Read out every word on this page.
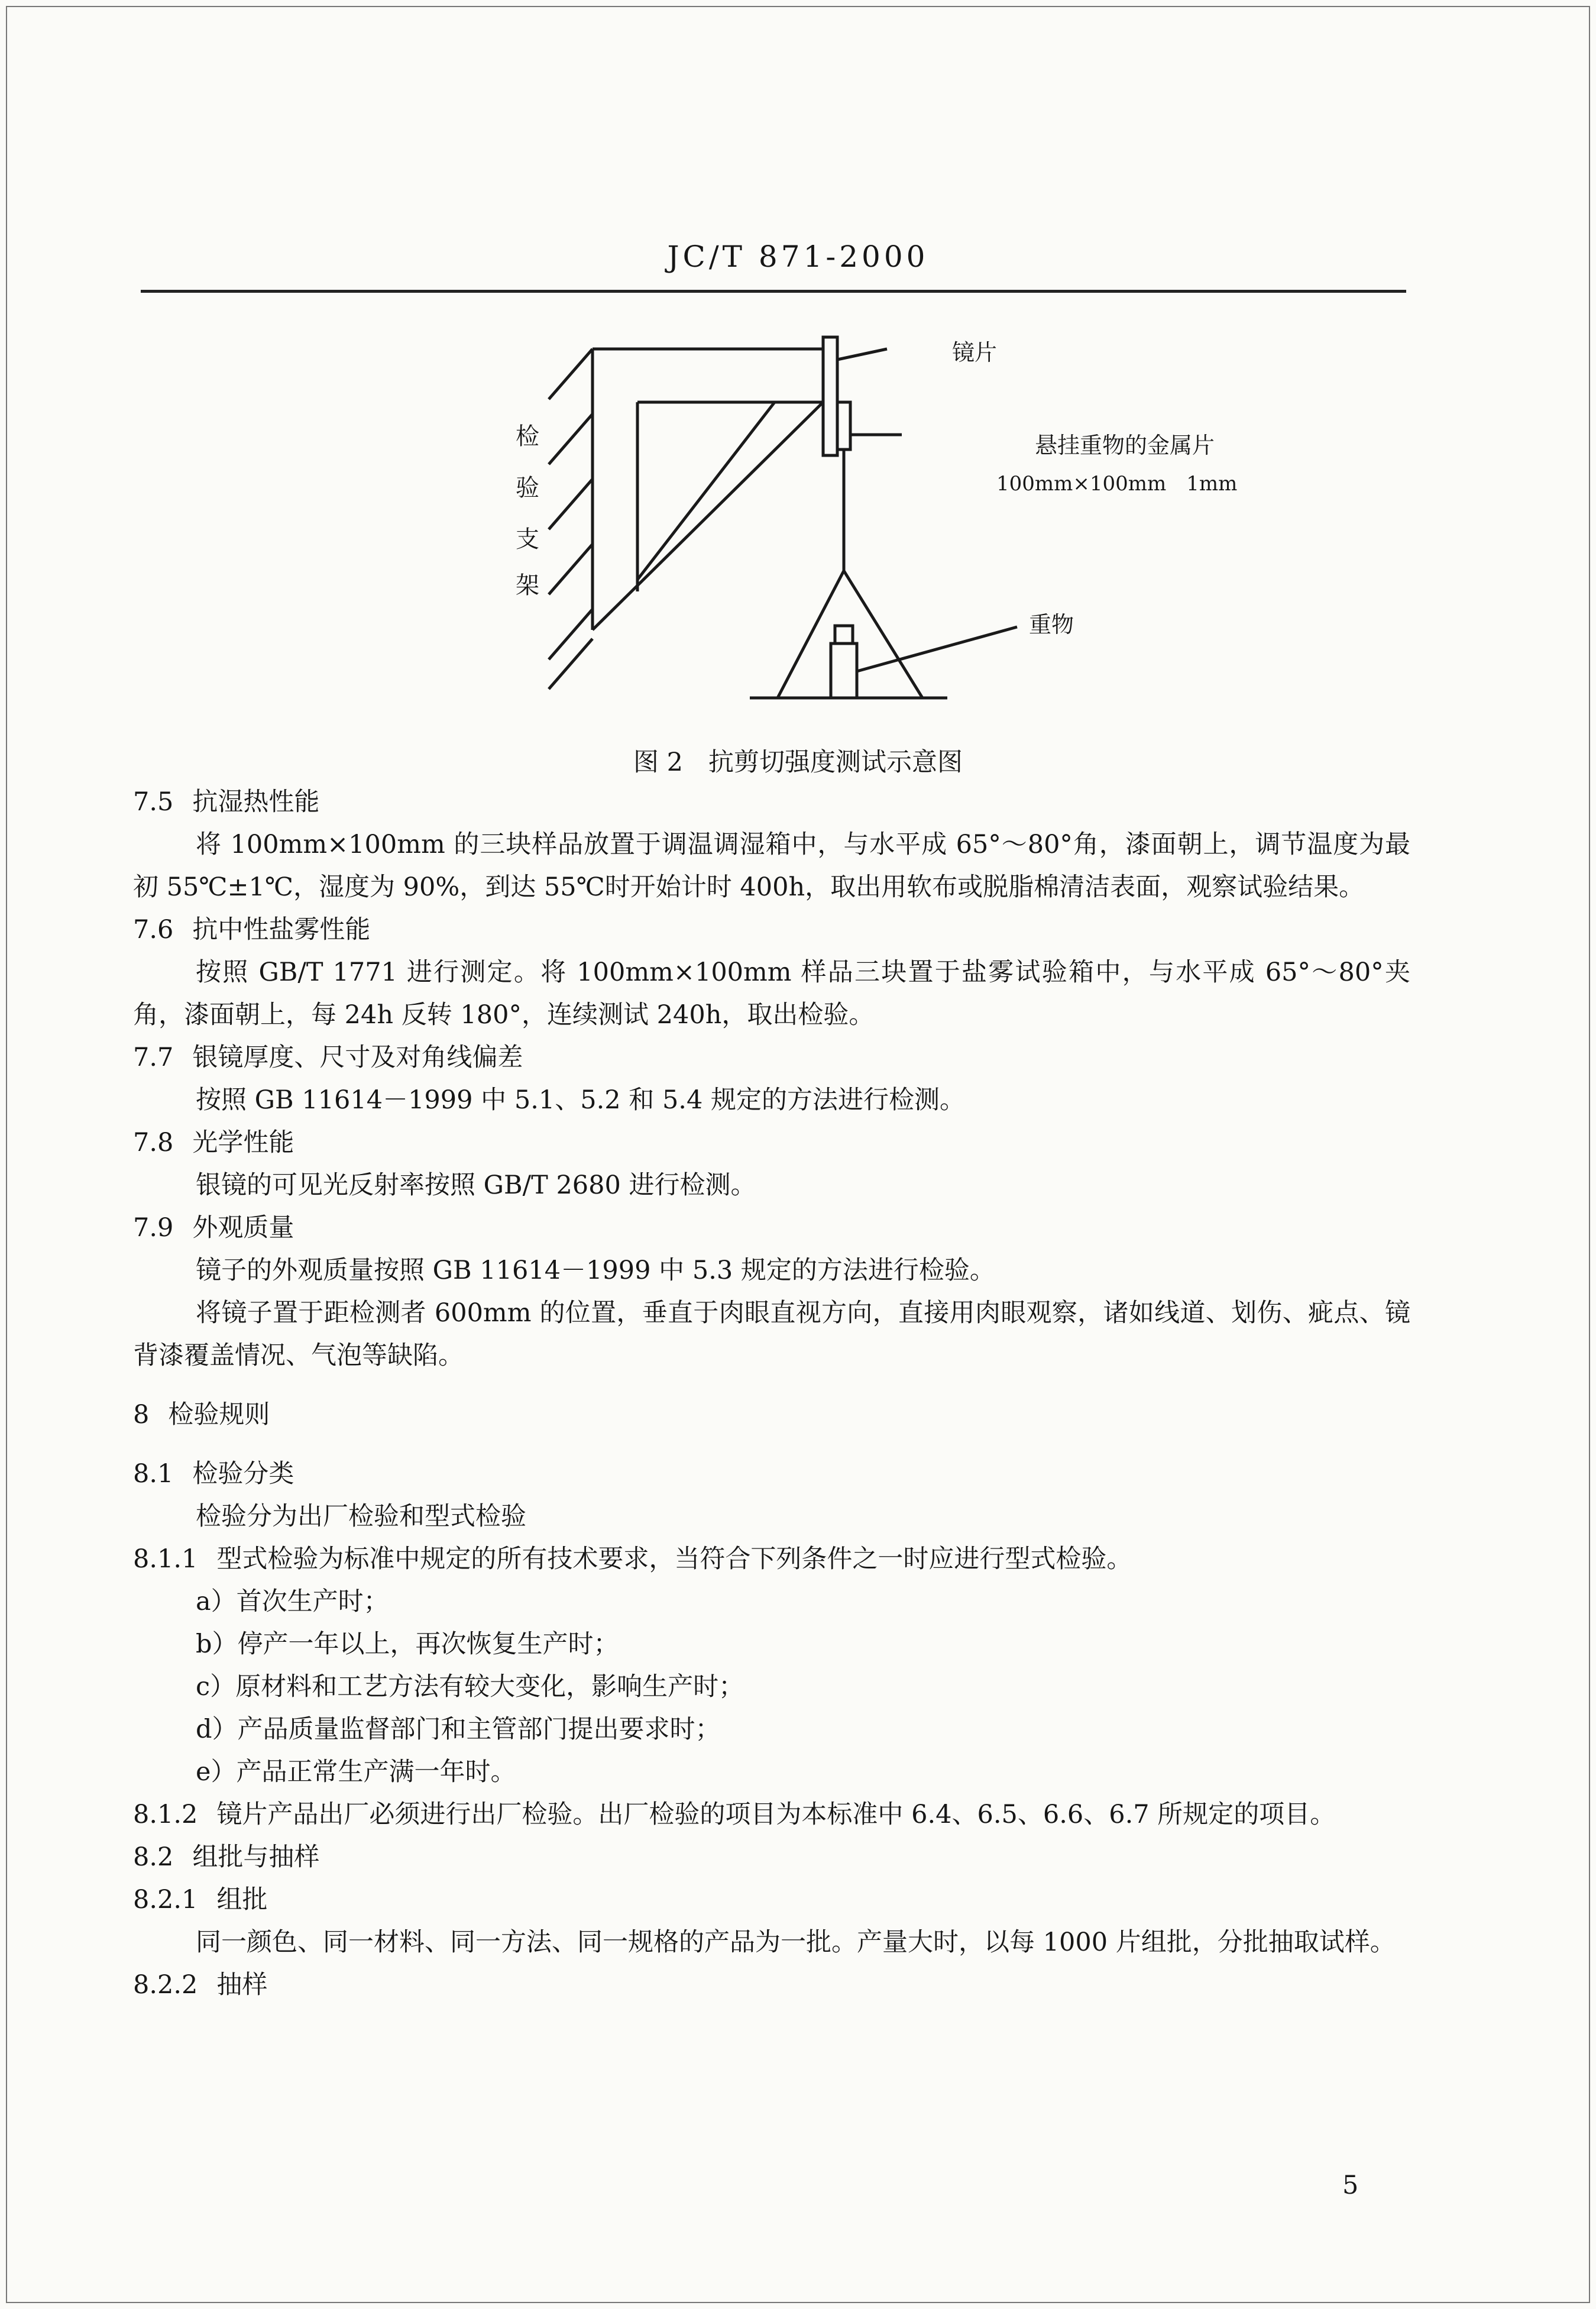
JC/T 871-2000
镜片
检
验
支
架
悬挂重物的金属片
100mm×100mm　1mm
重物
图 2　抗剪切强度测试示意图
7.5 抗湿热性能

将 100mm×100mm 的三块样品放置于调温调湿箱中，与水平成 65°～80°角，漆面朝上，调节温度为最初 55℃±1℃，湿度为 90%，到达 55℃时开始计时 400h，取出用软布或脱脂棉清洁表面，观察试验结果。

7.6 抗中性盐雾性能

按照 GB/T 1771 进行测定。将 100mm×100mm 样品三块置于盐雾试验箱中，与水平成 65°～80°夹角，漆面朝上，每 24h 反转 180°，连续测试 240h，取出检验。

7.7 银镜厚度、尺寸及对角线偏差

按照 GB 11614－1999 中 5.1、5.2 和 5.4 规定的方法进行检测。

7.8 光学性能

银镜的可见光反射率按照 GB/T 2680 进行检测。

7.9 外观质量

镜子的外观质量按照 GB 11614－1999 中 5.3 规定的方法进行检验。

将镜子置于距检测者 600mm 的位置，垂直于肉眼直视方向，直接用肉眼观察，诸如线道、划伤、疵点、镜背漆覆盖情况、气泡等缺陷。

8 检验规则
8.1 检验分类

检验分为出厂检验和型式检验

8.1.1 型式检验为标准中规定的所有技术要求，当符合下列条件之一时应进行型式检验。
a）首次生产时；
b）停产一年以上，再次恢复生产时；
c）原材料和工艺方法有较大变化，影响生产时；
d）产品质量监督部门和主管部门提出要求时；
e）产品正常生产满一年时。
8.1.2 镜片产品出厂必须进行出厂检验。出厂检验的项目为本标准中 6.4、6.5、6.6、6.7 所规定的项目。
8.2 组批与抽样
8.2.1 组批

同一颜色、同一材料、同一方法、同一规格的产品为一批。产量大时，以每 1000 片组批，分批抽取试样。

8.2.2 抽样
5
